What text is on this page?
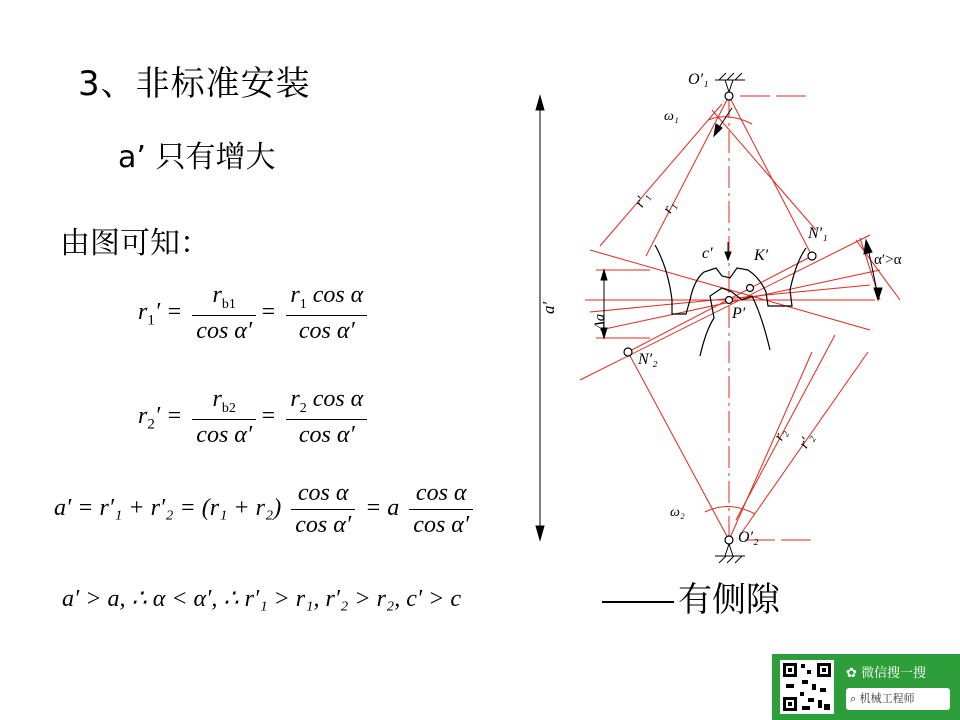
3、非标准安装
a’ 只有增大
由图可知：
$r_1' = \frac{r_{b1}}{\text{cos α′}} = \frac{r_1 \cos \alpha}{\text{cos α′}}$
$r_2' = \frac{r_{b2}}{\text{cos α′}} = \frac{r_2 \cos \alpha}{\text{cos α′}}$
$a' = r'_1 + r'_2 = (r_1 + r_2) \frac{\text{cos α}}{\text{cos α′}} = a \frac{\text{cos α}}{\text{cos α′}}$
a′ > a, ∴ α < α′, ∴ r′₁ > r₁, r′₂ > r₂, c′ > c	有侧隙
O′₁
O′₂
ω₁
ω₂
r′₁ r₁
r₂ r′₂
c′	K′
P′
N′₁
N′₂
α′>α
Δa
a′
✿ 微信搜一搜
⌕ 机械工程师
